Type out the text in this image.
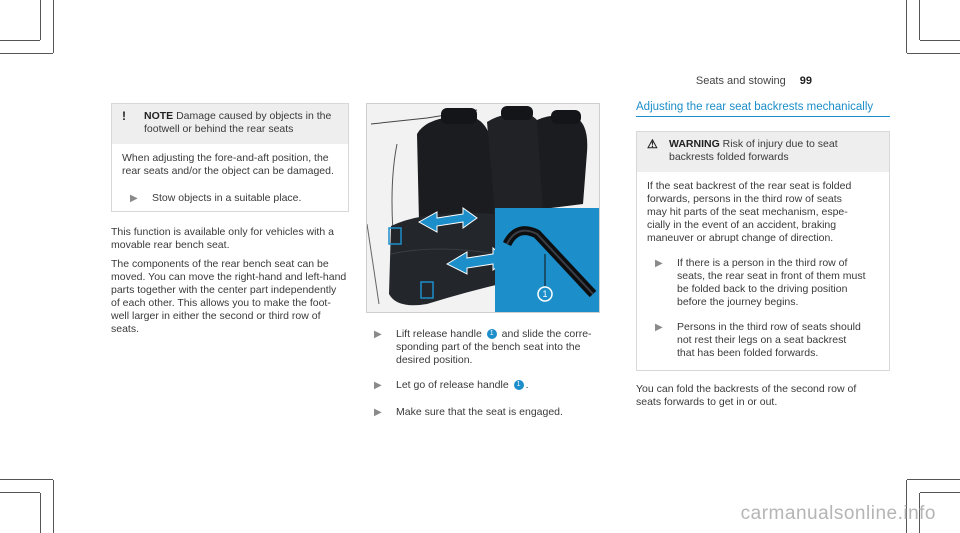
Seats and stowing 99
!	NOTE Damage caused by objects in the

footwell or behind the rear seats

When adjusting the fore-and-aft position, the

rear seats and/or the object can be damaged.

▶	Stow objects in a suitable place.

This function is available only for vehicles with a

movable rear bench seat.

The components of the rear bench seat can be

moved. You can move the right-hand and left-hand

parts together with the center part independently

of each other. This allows you to make the foot-

well larger in either the second or third row of

seats.

1
▶	Lift release handle 1 and slide the corre-

sponding part of the bench seat into the

desired position.

▶	Let go of release handle 1 .

▶	Make sure that the seat is engaged.

Adjusting the rear seat backrests mechanically
⚠ WARNING Risk of injury due to seat

backrests folded forwards

If the seat backrest of the rear seat is folded

forwards, persons in the third row of seats

may hit parts of the seat mechanism, espe-

cially in the event of an accident, braking

maneuver or abrupt change of direction.

▶	If there is a person in the third row of

seats, the rear seat in front of them must

be folded back to the driving position

before the journey begins.

▶	Persons in the third row of seats should

not rest their legs on a seat backrest

that has been folded forwards.

You can fold the backrests of the second row of

seats forwards to get in or out.

carmanualsonline.info
